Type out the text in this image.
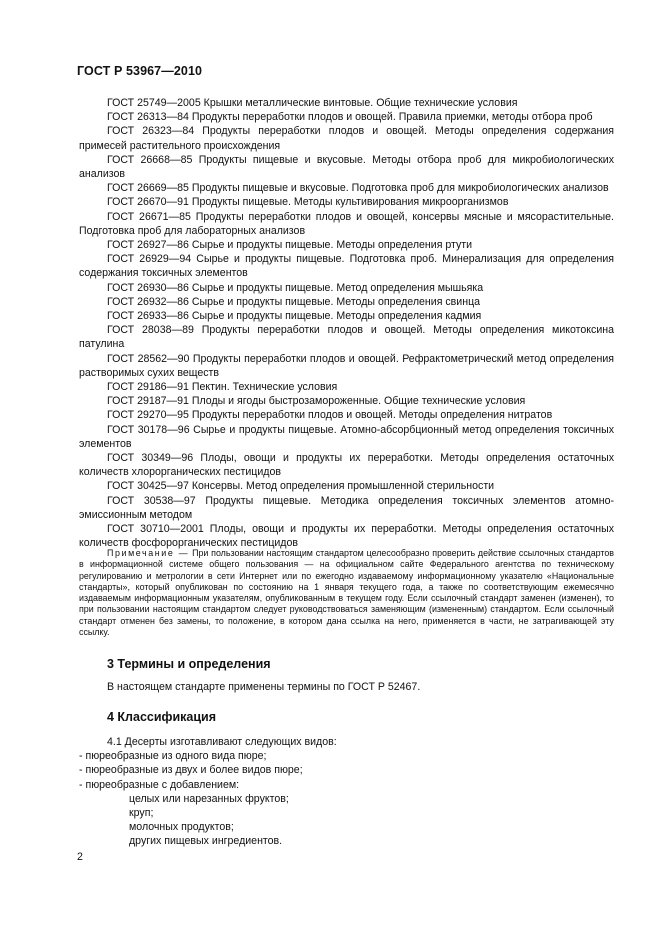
ГОСТ Р 53967—2010

ГОСТ 25749—2005 Крышки металлические винтовые. Общие технические условия

ГОСТ 26313—84 Продукты переработки плодов и овощей. Правила приемки, методы отбора проб

ГОСТ 26323—84 Продукты переработки плодов и овощей. Методы определения содержания примесей растительного происхождения

ГОСТ 26668—85 Продукты пищевые и вкусовые. Методы отбора проб для микробиологических анализов

ГОСТ 26669—85 Продукты пищевые и вкусовые. Подготовка проб для микробиологических анализов

ГОСТ 26670—91 Продукты пищевые. Методы культивирования микроорганизмов

ГОСТ 26671—85 Продукты переработки плодов и овощей, консервы мясные и мясорастительные. Подготовка проб для лабораторных анализов

ГОСТ 26927—86 Сырье и продукты пищевые. Методы определения ртути

ГОСТ 26929—94 Сырье и продукты пищевые. Подготовка проб. Минерализация для определения содержания токсичных элементов

ГОСТ 26930—86 Сырье и продукты пищевые. Метод определения мышьяка

ГОСТ 26932—86 Сырье и продукты пищевые. Методы определения свинца

ГОСТ 26933—86 Сырье и продукты пищевые. Методы определения кадмия

ГОСТ 28038—89 Продукты переработки плодов и овощей. Методы определения микотоксина патулина

ГОСТ 28562—90 Продукты переработки плодов и овощей. Рефрактометрический метод определения растворимых сухих веществ

ГОСТ 29186—91 Пектин. Технические условия

ГОСТ 29187—91 Плоды и ягоды быстрозамороженные. Общие технические условия

ГОСТ 29270—95 Продукты переработки плодов и овощей. Методы определения нитратов

ГОСТ 30178—96 Сырье и продукты пищевые. Атомно-абсорбционный метод определения токсичных элементов

ГОСТ 30349—96 Плоды, овощи и продукты их переработки. Методы определения остаточных количеств хлорорганических пестицидов

ГОСТ 30425—97 Консервы. Метод определения промышленной стерильности

ГОСТ 30538—97 Продукты пищевые. Методика определения токсичных элементов атомно-эмиссионным методом

ГОСТ 30710—2001 Плоды, овощи и продукты их переработки. Методы определения остаточных количеств фосфорорганических пестицидов

Примечание — При пользовании настоящим стандартом целесообразно проверить действие ссылочных стандартов в информационной системе общего пользования — на официальном сайте Федерального агентства по техническому регулированию и метрологии в сети Интернет или по ежегодно издаваемому информационному указателю «Национальные стандарты», который опубликован по состоянию на 1 января текущего года, а также по соответствующим ежемесячно издаваемым информационным указателям, опубликованным в текущем году. Если ссылочный стандарт заменен (изменен), то при пользовании настоящим стандартом следует руководствоваться заменяющим (измененным) стандартом. Если ссылочный стандарт отменен без замены, то положение, в котором дана ссылка на него, применяется в части, не затрагивающей эту ссылку.

3 Термины и определения

В настоящем стандарте применены термины по ГОСТ Р 52467.

4 Классификация

4.1 Десерты изготавливают следующих видов:

- пюреобразные из одного вида пюре;

- пюреобразные из двух и более видов пюре;

- пюреобразные с добавлением:

целых или нарезанных фруктов;

круп;

молочных продуктов;

других пищевых ингредиентов.

2
